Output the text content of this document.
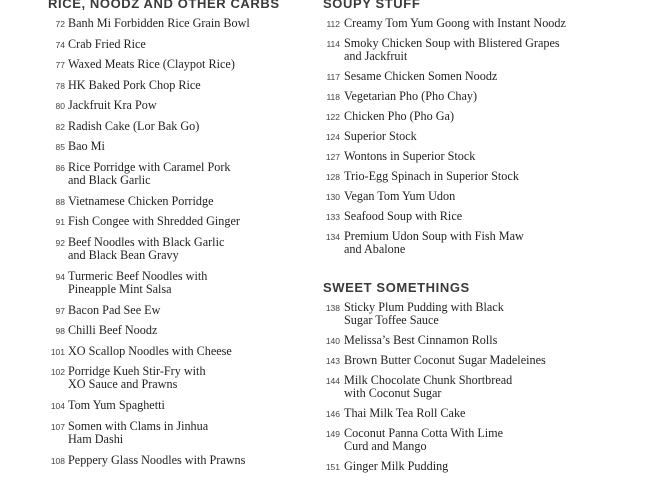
RICE, NOODZ AND OTHER CARBS
72 Banh Mi Forbidden Rice Grain Bowl
74 Crab Fried Rice
77 Waxed Meats Rice (Claypot Rice)
78 HK Baked Pork Chop Rice
80 Jackfruit Kra Pow
82 Radish Cake (Lor Bak Go)
85 Bao Mi
86 Rice Porridge with Caramel Pork
and Black Garlic
88 Vietnamese Chicken Porridge
91 Fish Congee with Shredded Ginger
92 Beef Noodles with Black Garlic
and Black Bean Gravy
94 Turmeric Beef Noodles with
Pineapple Mint Salsa
97 Bacon Pad See Ew
98 Chilli Beef Noodz
101 XO Scallop Noodles with Cheese
102 Porridge Kueh Stir-Fry with
XO Sauce and Prawns
104 Tom Yum Spaghetti
107 Somen with Clams in Jinhua
Ham Dashi
108 Peppery Glass Noodles with Prawns
SOUPY STUFF
112 Creamy Tom Yum Goong with Instant Noodz
114 Smoky Chicken Soup with Blistered Grapes
and Jackfruit
117 Sesame Chicken Somen Noodz
118 Vegetarian Pho (Pho Chay)
122 Chicken Pho (Pho Ga)
124 Superior Stock
127 Wontons in Superior Stock
128 Trio-Egg Spinach in Superior Stock
130 Vegan Tom Yum Udon
133 Seafood Soup with Rice
134 Premium Udon Soup with Fish Maw
and Abalone
SWEET SOMETHINGS
138 Sticky Plum Pudding with Black
Sugar Toffee Sauce
140 Melissa’s Best Cinnamon Rolls
143 Brown Butter Coconut Sugar Madeleines
144 Milk Chocolate Chunk Shortbread
with Coconut Sugar
146 Thai Milk Tea Roll Cake
149 Coconut Panna Cotta With Lime
Curd and Mango
151 Ginger Milk Pudding
